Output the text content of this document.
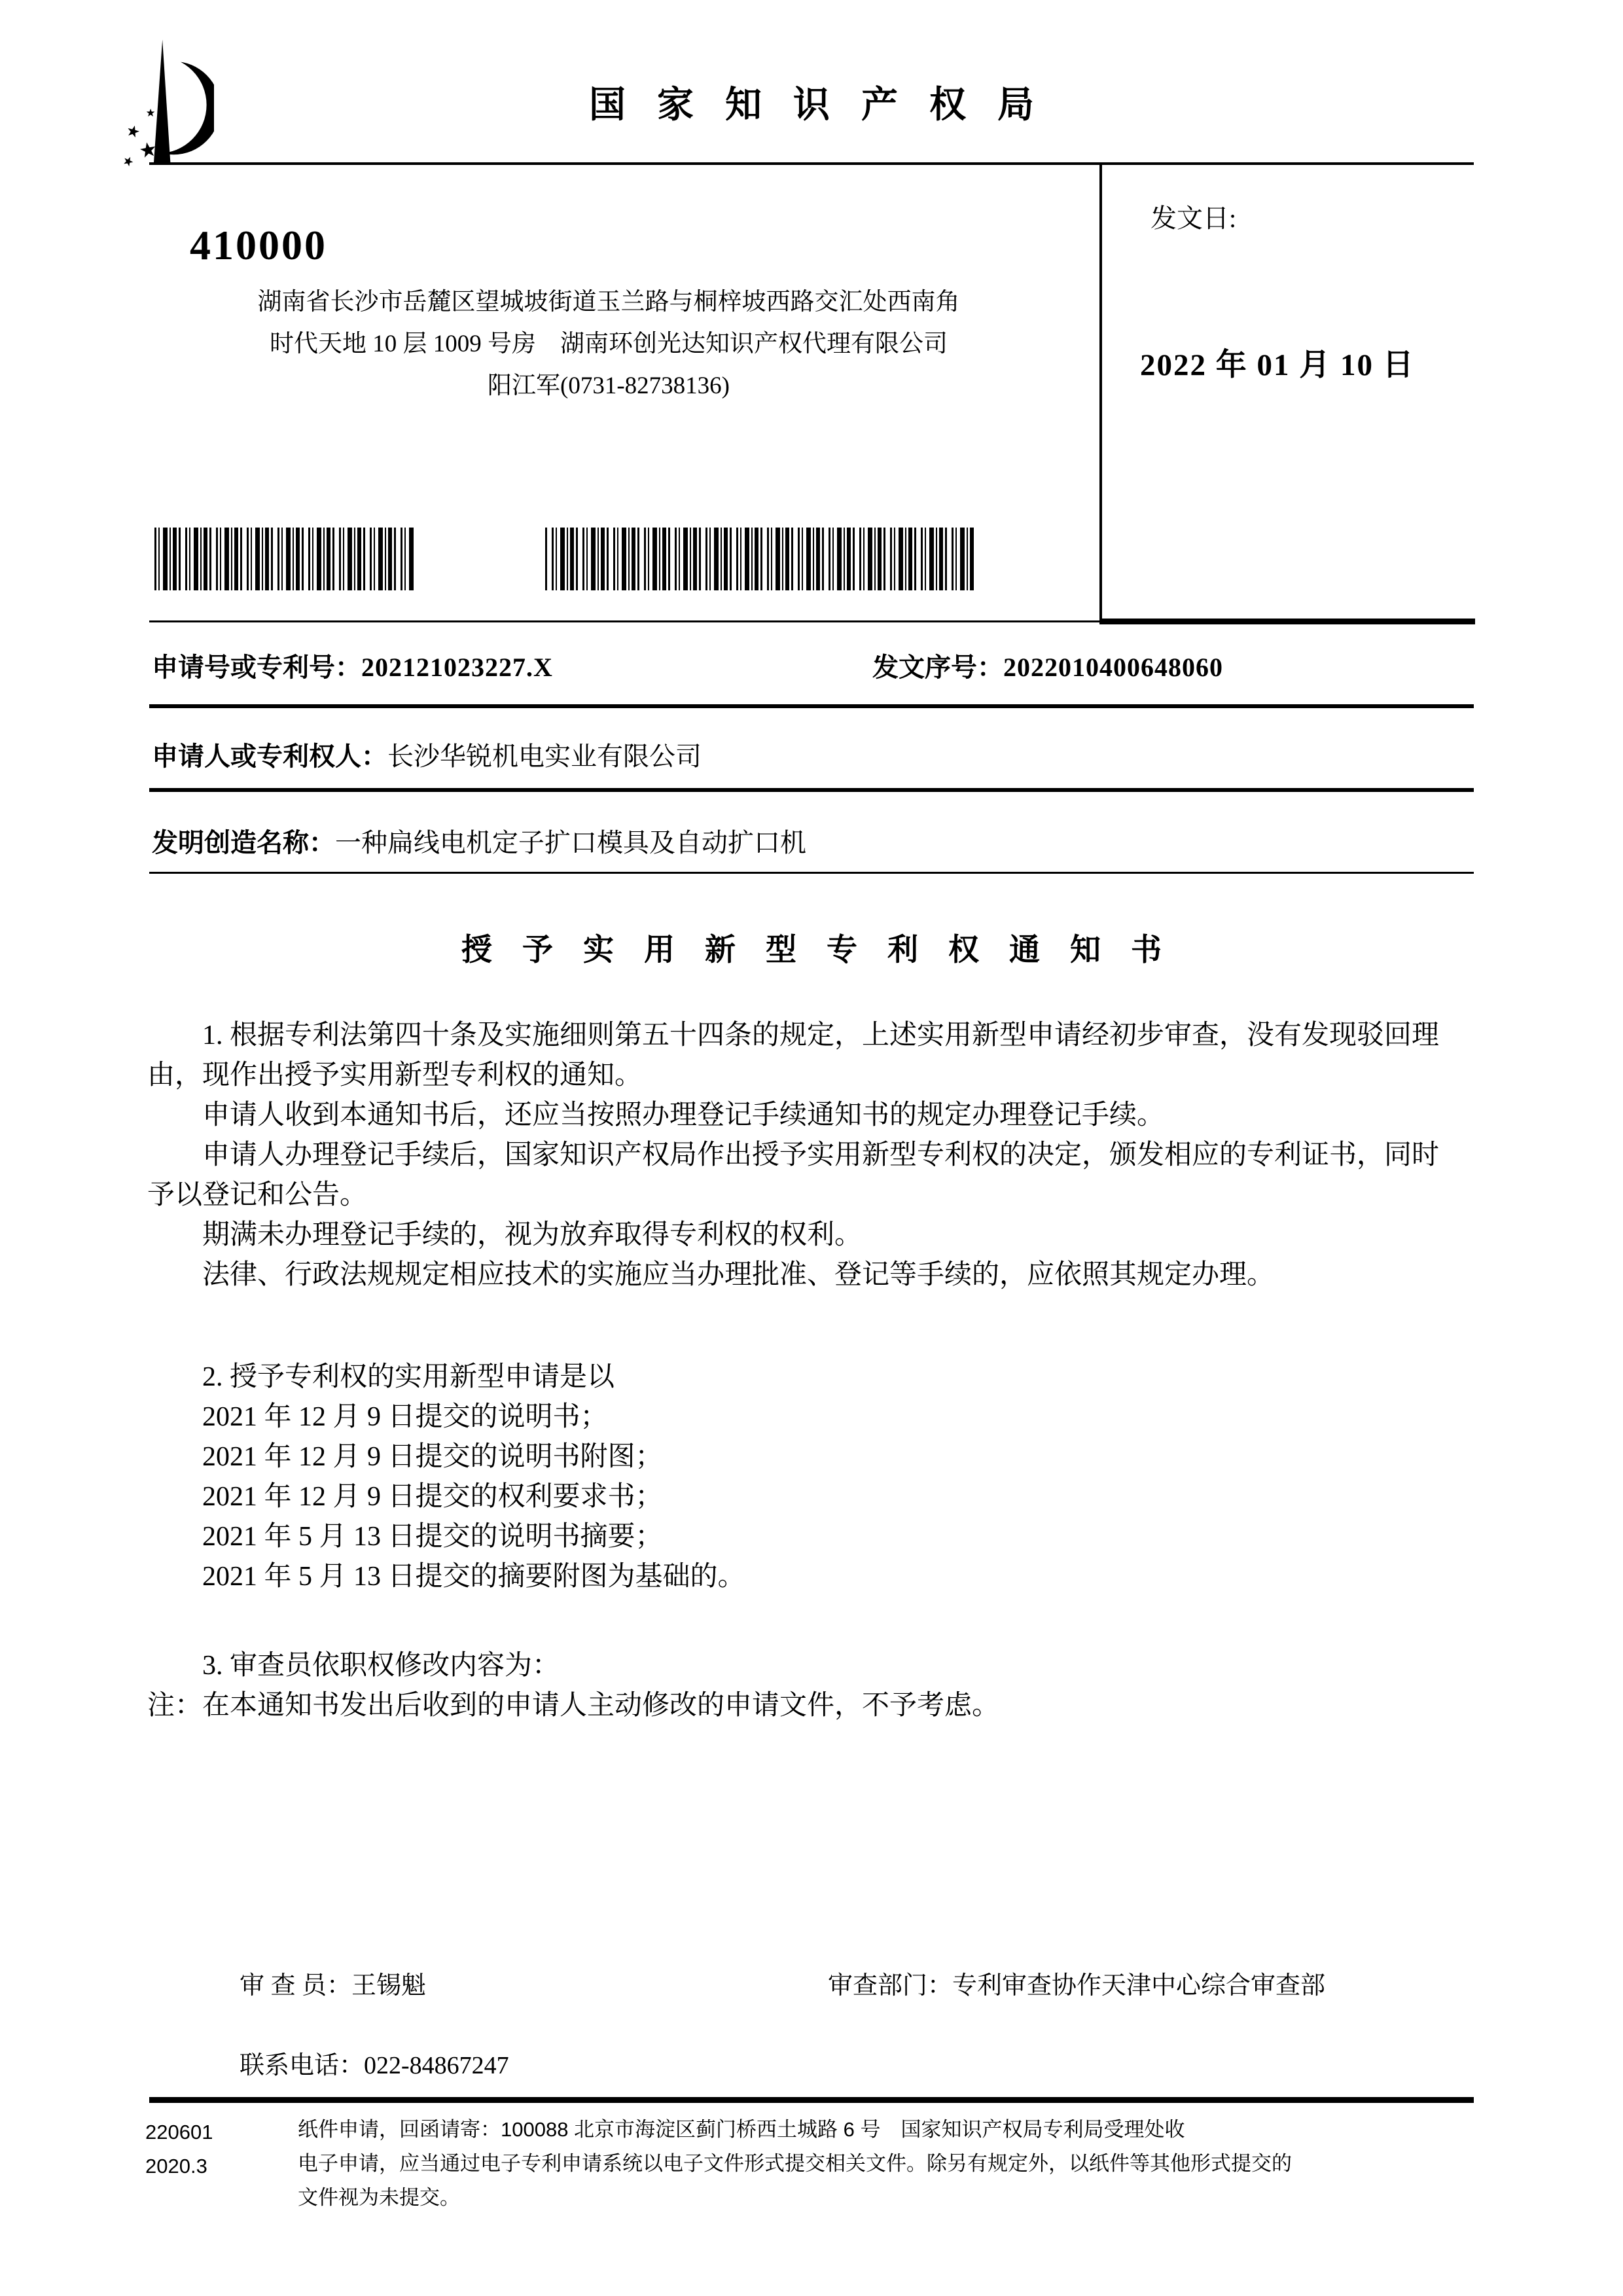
国家知识产权局
410000
湖南省长沙市岳麓区望城坡街道玉兰路与桐梓坡西路交汇处西南角
时代天地 10 层 1009 号房　湖南环创光达知识产权代理有限公司
阳江军(0731-82738136)
发文日:
2022 年 01 月 10 日
申请号或专利号：202121023227.X	发文序号：2022010400648060
申请人或专利权人：长沙华锐机电实业有限公司
发明创造名称：一种扁线电机定子扩口模具及自动扩口机
授予实用新型专利权通知书

1. 根据专利法第四十条及实施细则第五十四条的规定，上述实用新型申请经初步审查，没有发现驳回理由，现作出授予实用新型专利权的通知。

申请人收到本通知书后，还应当按照办理登记手续通知书的规定办理登记手续。

申请人办理登记手续后，国家知识产权局作出授予实用新型专利权的决定，颁发相应的专利证书，同时予以登记和公告。

期满未办理登记手续的，视为放弃取得专利权的权利。

法律、行政法规规定相应技术的实施应当办理批准、登记等手续的，应依照其规定办理。

2. 授予专利权的实用新型申请是以

2021 年 12 月 9 日提交的说明书；

2021 年 12 月 9 日提交的说明书附图；

2021 年 12 月 9 日提交的权利要求书；

2021 年 5 月 13 日提交的说明书摘要；

2021 年 5 月 13 日提交的摘要附图为基础的。

3. 审查员依职权修改内容为：

注：在本通知书发出后收到的申请人主动修改的申请文件，不予考虑。

审 查 员：王锡魁	审查部门：专利审查协作天津中心综合审查部
联系电话：022-84867247
220601
2020.3
纸件申请，回函请寄：100088 北京市海淀区蓟门桥西土城路 6 号　国家知识产权局专利局受理处收
电子申请，应当通过电子专利申请系统以电子文件形式提交相关文件。除另有规定外，以纸件等其他形式提交的
文件视为未提交。
